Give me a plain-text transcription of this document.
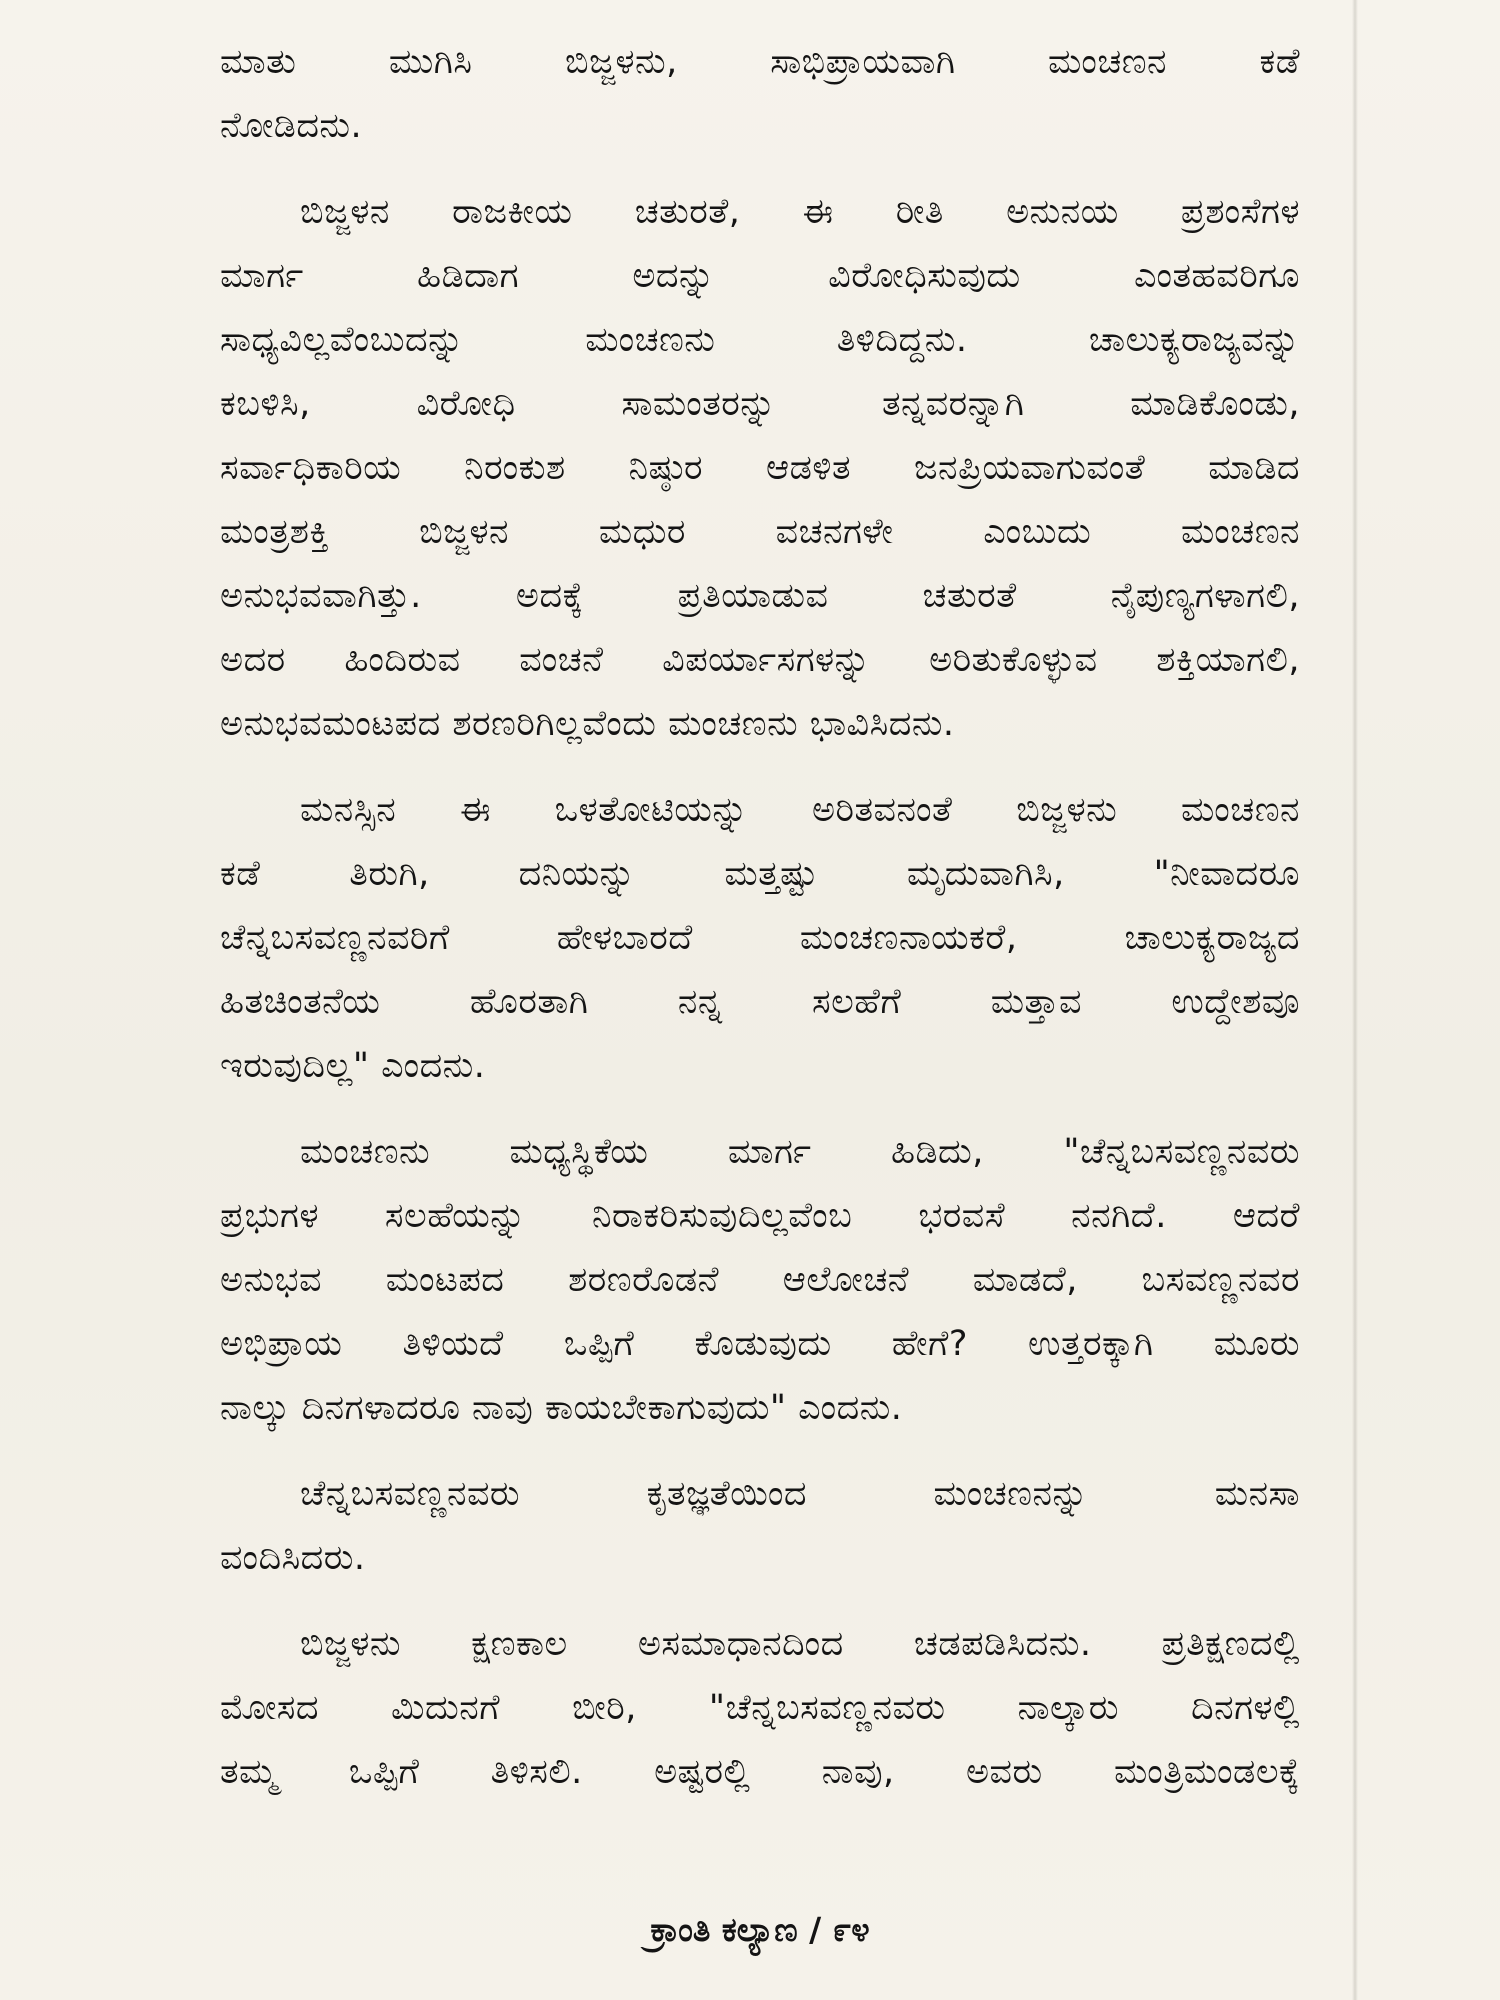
ಮಾತು ಮುಗಿಸಿ ಬಿಜ್ಜಳನು, ಸಾಭಿಪ್ರಾಯವಾಗಿ ಮಂಚಣನ ಕಡೆ
ನೋಡಿದನು.
ಬಿಜ್ಜಳನ ರಾಜಕೀಯ ಚತುರತೆ, ಈ ರೀತಿ ಅನುನಯ ಪ್ರಶಂಸೆಗಳ
ಮಾರ್ಗ ಹಿಡಿದಾಗ ಅದನ್ನು ವಿರೋಧಿಸುವುದು ಎಂತಹವರಿಗೂ
ಸಾಧ್ಯವಿಲ್ಲವೆಂಬುದನ್ನು ಮಂಚಣನು ತಿಳಿದಿದ್ದನು. ಚಾಲುಕ್ಯರಾಜ್ಯವನ್ನು
ಕಬಳಿಸಿ, ವಿರೋಧಿ ಸಾಮಂತರನ್ನು ತನ್ನವರನ್ನಾಗಿ ಮಾಡಿಕೊಂಡು,
ಸರ್ವಾಧಿಕಾರಿಯ ನಿರಂಕುಶ ನಿಷ್ಠುರ ಆಡಳಿತ ಜನಪ್ರಿಯವಾಗುವಂತೆ ಮಾಡಿದ
ಮಂತ್ರಶಕ್ತಿ ಬಿಜ್ಜಳನ ಮಧುರ ವಚನಗಳೇ ಎಂಬುದು ಮಂಚಣನ
ಅನುಭವವಾಗಿತ್ತು. ಅದಕ್ಕೆ ಪ್ರತಿಯಾಡುವ ಚತುರತೆ ನೈಪುಣ್ಯಗಳಾಗಲಿ,
ಅದರ ಹಿಂದಿರುವ ವಂಚನೆ ವಿಪರ್ಯಾಸಗಳನ್ನು ಅರಿತುಕೊಳ್ಳುವ ಶಕ್ತಿಯಾಗಲಿ,
ಅನುಭವಮಂಟಪದ ಶರಣರಿಗಿಲ್ಲವೆಂದು ಮಂಚಣನು ಭಾವಿಸಿದನು.
ಮನಸ್ಸಿನ ಈ ಒಳತೋಟಿಯನ್ನು ಅರಿತವನಂತೆ ಬಿಜ್ಜಳನು ಮಂಚಣನ
ಕಡೆ ತಿರುಗಿ, ದನಿಯನ್ನು ಮತ್ತಷ್ಟು ಮೃದುವಾಗಿಸಿ, "ನೀವಾದರೂ
ಚೆನ್ನಬಸವಣ್ಣನವರಿಗೆ ಹೇಳಬಾರದೆ ಮಂಚಣನಾಯಕರೆ, ಚಾಲುಕ್ಯರಾಜ್ಯದ
ಹಿತಚಿಂತನೆಯ ಹೊರತಾಗಿ ನನ್ನ ಸಲಹೆಗೆ ಮತ್ತಾವ ಉದ್ದೇಶವೂ
ಇರುವುದಿಲ್ಲ" ಎಂದನು.
ಮಂಚಣನು ಮಧ್ಯಸ್ಥಿಕೆಯ ಮಾರ್ಗ ಹಿಡಿದು, "ಚೆನ್ನಬಸವಣ್ಣನವರು
ಪ್ರಭುಗಳ ಸಲಹೆಯನ್ನು ನಿರಾಕರಿಸುವುದಿಲ್ಲವೆಂಬ ಭರವಸೆ ನನಗಿದೆ. ಆದರೆ
ಅನುಭವ ಮಂಟಪದ ಶರಣರೊಡನೆ ಆಲೋಚನೆ ಮಾಡದೆ, ಬಸವಣ್ಣನವರ
ಅಭಿಪ್ರಾಯ ತಿಳಿಯದೆ ಒಪ್ಪಿಗೆ ಕೊಡುವುದು ಹೇಗೆ? ಉತ್ತರಕ್ಕಾಗಿ ಮೂರು
ನಾಲ್ಕು ದಿನಗಳಾದರೂ ನಾವು ಕಾಯಬೇಕಾಗುವುದು" ಎಂದನು.
ಚೆನ್ನಬಸವಣ್ಣನವರು ಕೃತಜ್ಞತೆಯಿಂದ ಮಂಚಣನನ್ನು ಮನಸಾ
ವಂದಿಸಿದರು.
ಬಿಜ್ಜಳನು ಕ್ಷಣಕಾಲ ಅಸಮಾಧಾನದಿಂದ ಚಡಪಡಿಸಿದನು. ಪ್ರತಿಕ್ಷಣದಲ್ಲಿ
ಮೋಸದ ಮಿದುನಗೆ ಬೀರಿ, "ಚೆನ್ನಬಸವಣ್ಣನವರು ನಾಲ್ಕಾರು ದಿನಗಳಲ್ಲಿ
ತಮ್ಮ ಒಪ್ಪಿಗೆ ತಿಳಿಸಲಿ. ಅಷ್ಟರಲ್ಲಿ ನಾವು, ಅವರು ಮಂತ್ರಿಮಂಡಲಕ್ಕೆ
ಕ್ರಾಂತಿ ಕಲ್ಯಾಣ / ೯೪
